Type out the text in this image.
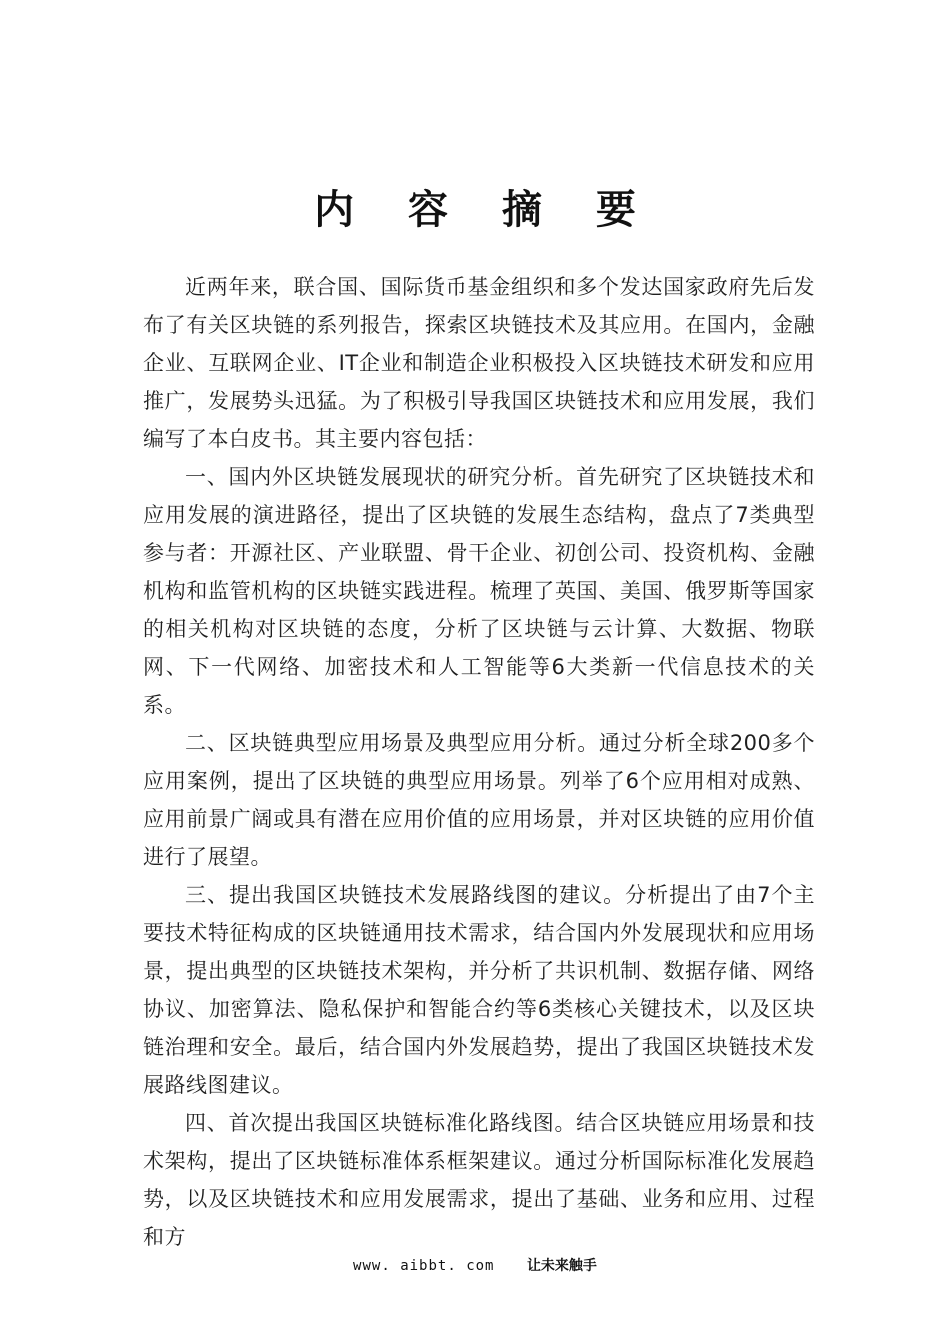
内 容 摘 要

近两年来，联合国、国际货币基金组织和多个发达国家政府先后发布了有关区块链的系列报告，探索区块链技术及其应用。在国内，金融企业、互联网企业、IT企业和制造企业积极投入区块链技术研发和应用推广，发展势头迅猛。为了积极引导我国区块链技术和应用发展，我们编写了本白皮书。其主要内容包括：

一、国内外区块链发展现状的研究分析。首先研究了区块链技术和应用发展的演进路径，提出了区块链的发展生态结构，盘点了7类典型参与者：开源社区、产业联盟、骨干企业、初创公司、投资机构、金融机构和监管机构的区块链实践进程。梳理了英国、美国、俄罗斯等国家的相关机构对区块链的态度，分析了区块链与云计算、大数据、物联网、下一代网络、加密技术和人工智能等6大类新一代信息技术的关系。

二、区块链典型应用场景及典型应用分析。通过分析全球200多个应用案例，提出了区块链的典型应用场景。列举了6个应用相对成熟、应用前景广阔或具有潜在应用价值的应用场景，并对区块链的应用价值进行了展望。

三、提出我国区块链技术发展路线图的建议。分析提出了由7个主要技术特征构成的区块链通用技术需求，结合国内外发展现状和应用场景，提出典型的区块链技术架构，并分析了共识机制、数据存储、网络协议、加密算法、隐私保护和智能合约等6类核心关键技术，以及区块链治理和安全。最后，结合国内外发展趋势，提出了我国区块链技术发展路线图建议。

四、首次提出我国区块链标准化路线图。结合区块链应用场景和技术架构，提出了区块链标准体系框架建议。通过分析国际标准化发展趋势，以及区块链技术和应用发展需求，提出了基础、业务和应用、过程和方

www. aibbt. com 让未来触手
